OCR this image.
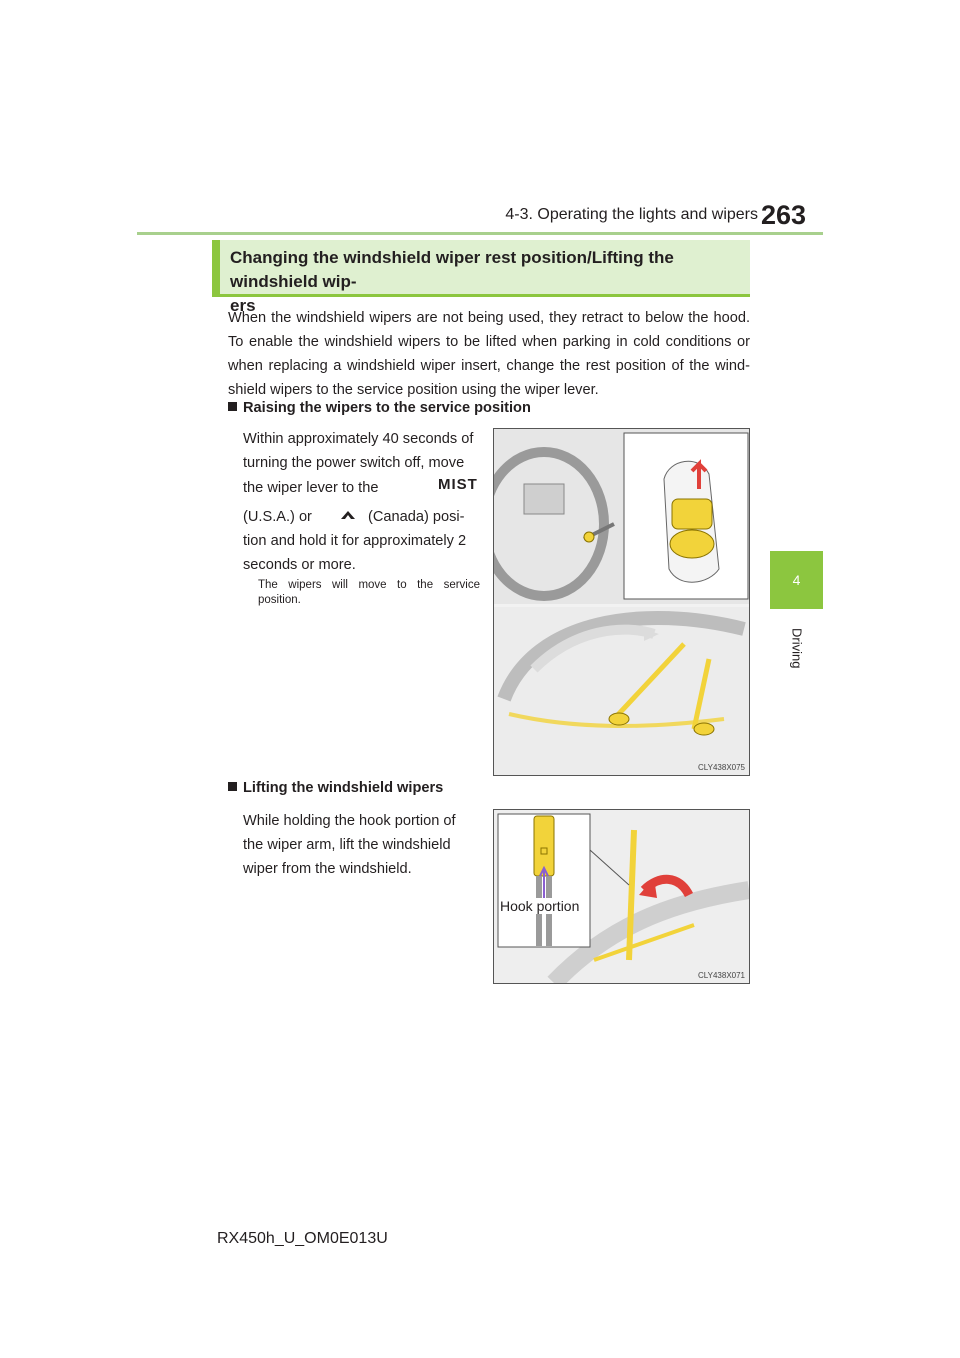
4-3. Operating the lights and wipers 263
4
Driving
Changing the windshield wiper rest position/Lifting the windshield wip-
ers
When the windshield wipers are not being used, they retract to below the hood. To enable the windshield wipers to be lifted when parking in cold conditions or when replacing a windshield wiper insert, change the rest position of the wind-shield wipers to the service position using the wiper lever.
Raising the wipers to the service position
Within approximately 40 seconds of
turning the power switch off, move
the wiper lever to the	MIST
(U.S.A.) or	(Canada) posi-
tion and hold it for approximately 2
seconds or more.
The wipers will move to the service position.
CLY438X075
Lifting the windshield wipers
While holding the hook portion of
the wiper arm, lift the windshield
wiper from the windshield.
Hook portion
CLY438X071
RX450h_U_OM0E013U
